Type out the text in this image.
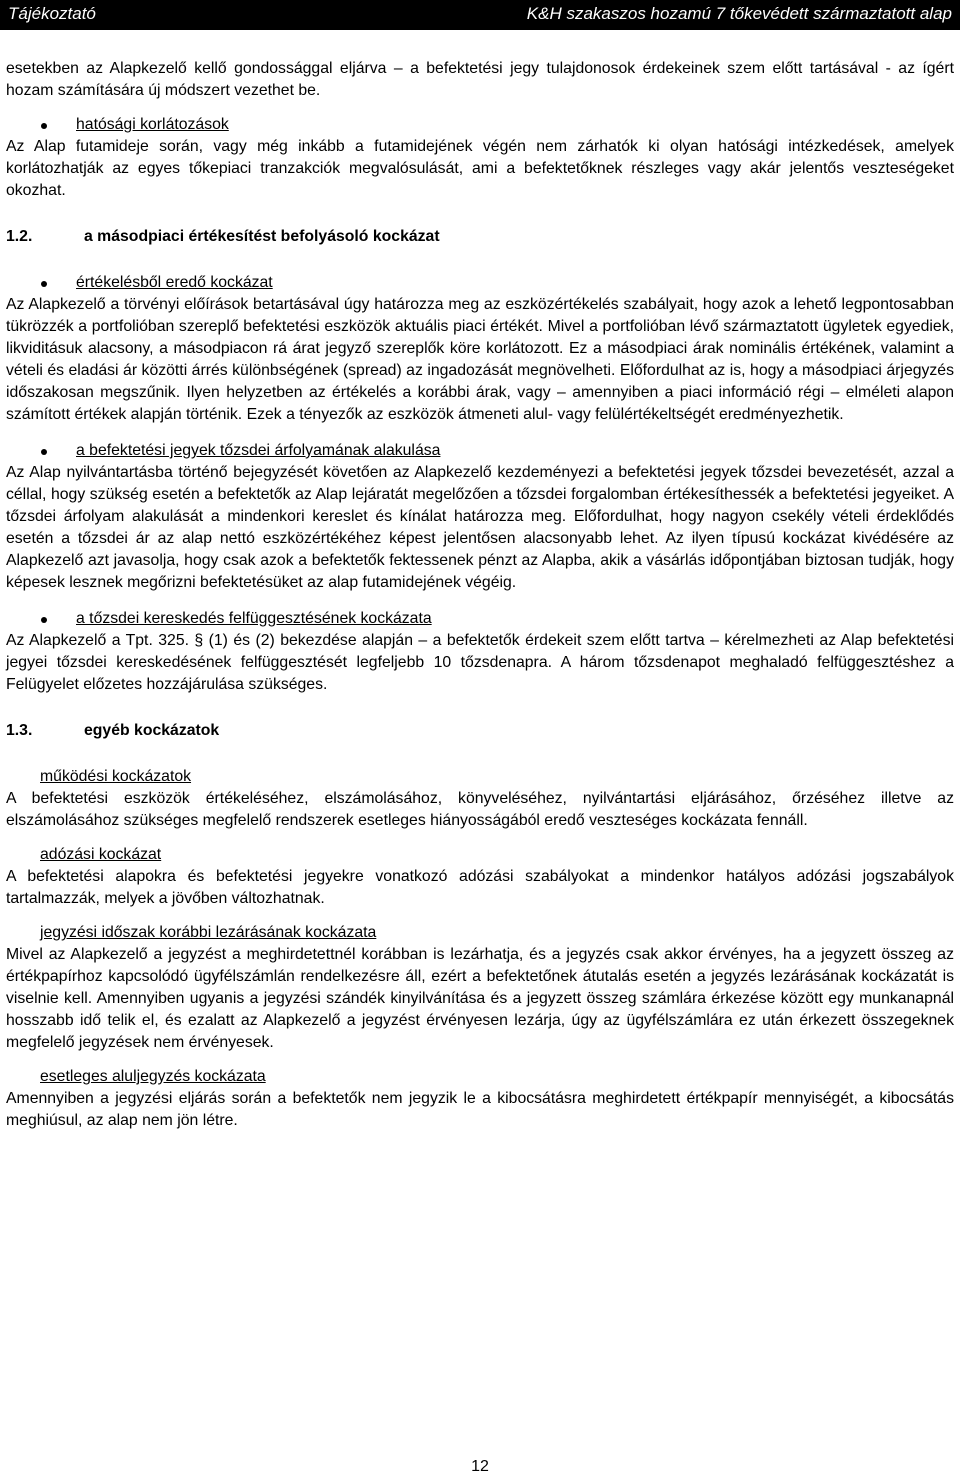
Tájékoztató	K&H szakaszos hozamú 7 tőkevédett származtatott alap

esetekben az Alapkezelő kellő gondossággal eljárva – a befektetési jegy tulajdonosok érdekeinek szem előtt tartásával - az ígért hozam számítására új módszert vezethet be.

hatósági korlátozások

Az Alap futamideje során, vagy még inkább a futamidejének végén nem zárhatók ki olyan hatósági intézkedések, amelyek korlátozhatják az egyes tőkepiaci tranzakciók megvalósulását, ami a befektetőknek részleges vagy akár jelentős veszteségeket okozhat.

1.2.	a másodpiaci értékesítést befolyásoló kockázat
értékelésből eredő kockázat

Az Alapkezelő a törvényi előírások betartásával úgy határozza meg az eszközértékelés szabályait, hogy azok a lehető legpontosabban tükrözzék a portfolióban szereplő befektetési eszközök aktuális piaci értékét. Mivel a portfolióban lévő származtatott ügyletek egyediek, likviditásuk alacsony, a másodpiacon rá árat jegyző szereplők köre korlátozott. Ez a másodpiaci árak nominális értékének, valamint a vételi és eladási ár közötti árrés különbségének (spread) az ingadozását megnövelheti. Előfordulhat az is, hogy a másodpiaci árjegyzés időszakosan megszűnik. Ilyen helyzetben az értékelés a korábbi árak, vagy – amennyiben a piaci információ régi – elméleti alapon számított értékek alapján történik. Ezek a tényezők az eszközök átmeneti alul- vagy felülértékeltségét eredményezhetik.

a befektetési jegyek tőzsdei árfolyamának alakulása

Az Alap nyilvántartásba történő bejegyzését követően az Alapkezelő kezdeményezi a befektetési jegyek tőzsdei bevezetését, azzal a céllal, hogy szükség esetén a befektetők az Alap lejáratát megelőzően a tőzsdei forgalomban értékesíthessék a befektetési jegyeiket. A tőzsdei árfolyam alakulását a mindenkori kereslet és kínálat határozza meg. Előfordulhat, hogy nagyon csekély vételi érdeklődés esetén a tőzsdei ár az alap nettó eszközértékéhez képest jelentősen alacsonyabb lehet. Az ilyen típusú kockázat kivédésére az Alapkezelő azt javasolja, hogy csak azok a befektetők fektessenek pénzt az Alapba, akik a vásárlás időpontjában biztosan tudják, hogy képesek lesznek megőrizni befektetésüket az alap futamidejének végéig.

a tőzsdei kereskedés felfüggesztésének kockázata

Az Alapkezelő a Tpt. 325. § (1) és (2) bekezdése alapján – a befektetők érdekeit szem előtt tartva – kérelmezheti az Alap befektetési jegyei tőzsdei kereskedésének felfüggesztését legfeljebb 10 tőzsdenapra. A három tőzsdenapot meghaladó felfüggesztéshez a Felügyelet előzetes hozzájárulása szükséges.

1.3.	egyéb kockázatok
működési kockázatok

A befektetési eszközök értékeléséhez, elszámolásához, könyveléséhez, nyilvántartási eljárásához, őrzéséhez illetve az elszámolásához szükséges megfelelő rendszerek esetleges hiányosságából eredő veszteséges kockázata fennáll.

adózási kockázat

A befektetési alapokra és befektetési jegyekre vonatkozó adózási szabályokat a mindenkor hatályos adózási jogszabályok tartalmazzák, melyek a jövőben változhatnak.

jegyzési időszak korábbi lezárásának kockázata

Mivel az Alapkezelő a jegyzést a meghirdetettnél korábban is lezárhatja, és a jegyzés csak akkor érvényes, ha a jegyzett összeg az értékpapírhoz kapcsolódó ügyfélszámlán rendelkezésre áll, ezért a befektetőnek átutalás esetén a jegyzés lezárásának kockázatát is viselnie kell. Amennyiben ugyanis a jegyzési szándék kinyilvánítása és a jegyzett összeg számlára érkezése között egy munkanapnál hosszabb idő telik el, és ezalatt az Alapkezelő a jegyzést érvényesen lezárja, úgy az ügyfélszámlára ez után érkezett összegeknek megfelelő jegyzések nem érvényesek.

esetleges aluljegyzés kockázata

Amennyiben a jegyzési eljárás során a befektetők nem jegyzik le a kibocsátásra meghirdetett értékpapír mennyiségét, a kibocsátás meghiúsul, az alap nem jön létre.

12
